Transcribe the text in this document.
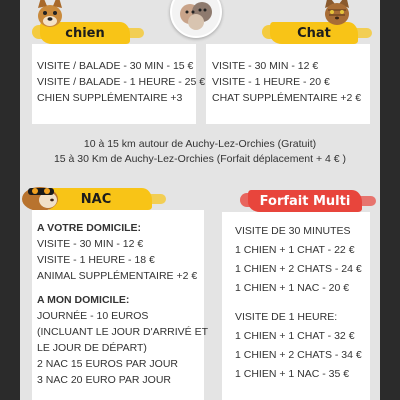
chien
VISITE / BALADE - 30 MIN - 15 €
VISITE / BALADE - 1 HEURE - 25 €
CHIEN SUPPLÉMENTAIRE +3
Chat
VISITE - 30 MIN - 12 €
VISITE - 1 HEURE - 20 €
CHAT SUPPLÉMENTAIRE +2 €
10 à 15 km autour de Auchy-Lez-Orchies (Gratuit)
15 à 30 Km de Auchy-Lez-Orchies (Forfait déplacement + 4 € )
NAC
A VOTRE DOMICILE:
VISITE - 30 MIN - 12 €
VISITE - 1 HEURE - 18 €
ANIMAL SUPPLÉMENTAIRE +2 €
A MON DOMICILE:
JOURNÉE - 10 EUROS
(INCLUANT LE JOUR D'ARRIVÉ ET
LE JOUR DE DÉPART)
2 NAC 15 EUROS PAR JOUR
3 NAC 20 EURO PAR JOUR
Forfait Multi
VISITE DE 30 MINUTES
1 CHIEN + 1 CHAT - 22 €
1 CHIEN + 2 CHATS - 24 €
1 CHIEN + 1 NAC - 20 €
VISITE DE 1 HEURE:
1 CHIEN + 1 CHAT - 32 €
1 CHIEN + 2 CHATS - 34 €
1 CHIEN + 1 NAC - 35 €
